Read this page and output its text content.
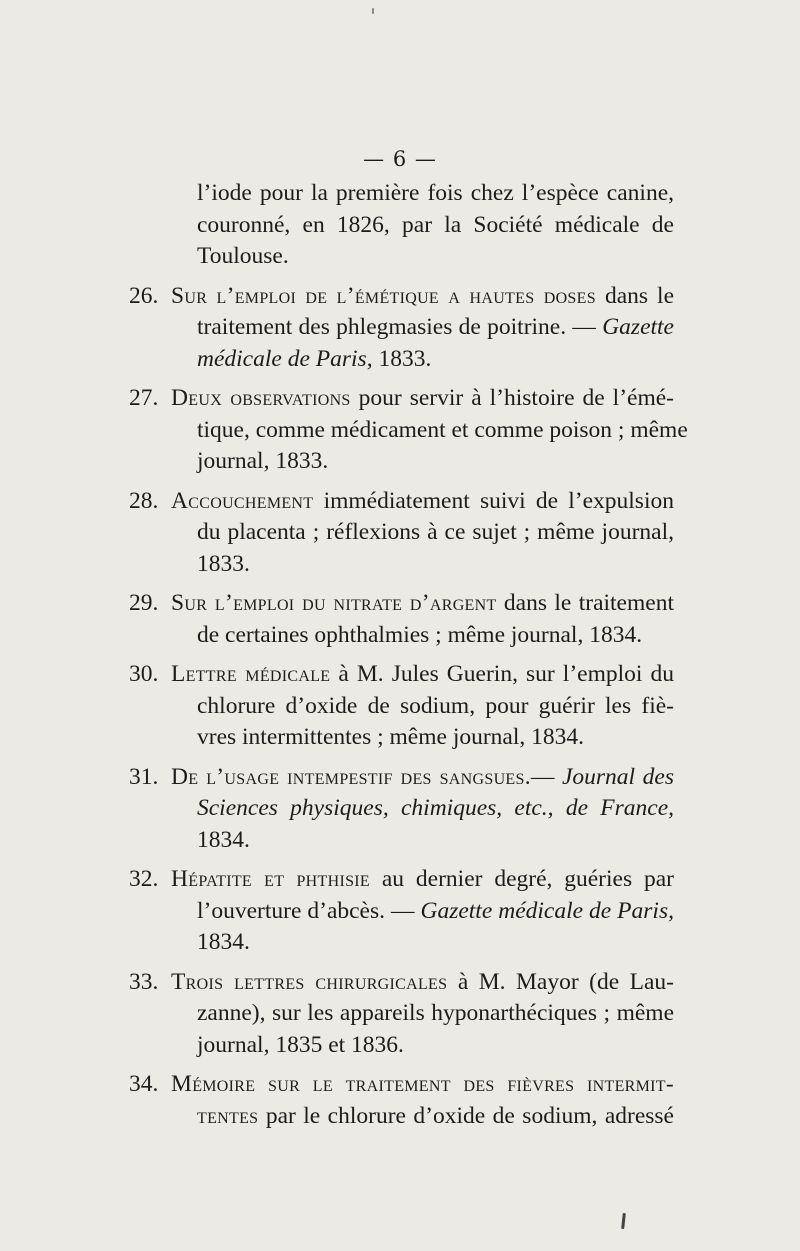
— 6 —
l’iode pour la première fois chez l’espèce canine,
couronné, en 1826, par la Société médicale de
Toulouse.
26. Sur l’emploi de l’émétique a hautes doses dans le
traitement des phlegmasies de poitrine. — Gazette
médicale de Paris, 1833.
27. Deux observations pour servir à l’histoire de l’émé-
tique, comme médicament et comme poison ; même
journal, 1833.
28. Accouchement immédiatement suivi de l’expulsion
du placenta ; réflexions à ce sujet ; même journal,
1833.
29. Sur l’emploi du nitrate d’argent dans le traitement
de certaines ophthalmies ; même journal, 1834.
30. Lettre médicale à M. Jules Guerin, sur l’emploi du
chlorure d’oxide de sodium, pour guérir les fiè-
vres intermittentes ; même journal, 1834.
31. De l’usage intempestif des sangsues.— Journal des
Sciences physiques, chimiques, etc., de France,
1834.
32. Hépatite et phthisie au dernier degré, guéries par
l’ouverture d’abcès. — Gazette médicale de Paris,
1834.
33. Trois lettres chirurgicales à M. Mayor (de Lau-
zanne), sur les appareils hyponarthéciques ; même
journal, 1835 et 1836.
34. Mémoire sur le traitement des fièvres intermit-
tentes par le chlorure d’oxide de sodium, adressé
